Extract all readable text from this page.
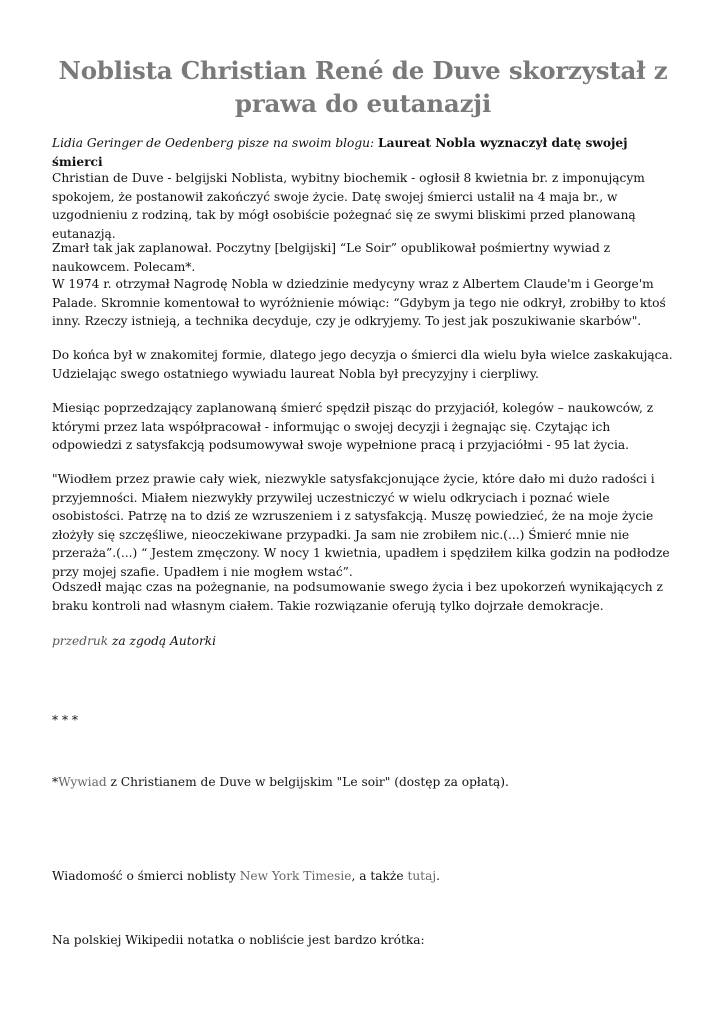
Noblista Christian René de Duve skorzystał z prawa do eutanazji

Lidia Geringer de Oedenberg pisze na swoim blogu: Laureat Nobla wyznaczył datę swojej śmierci

Christian de Duve - belgijski Noblista, wybitny biochemik - ogłosił 8 kwietnia br. z imponującym spokojem, że postanowił zakończyć swoje życie. Datę swojej śmierci ustalił na 4 maja br., w uzgodnieniu z rodziną, tak by mógł osobiście pożegnać się ze swymi bliskimi przed planowaną eutanazją.

Zmarł tak jak zaplanował. Poczytny [belgijski] “Le Soir” opublikował pośmiertny wywiad z naukowcem. Polecam*.

W 1974 r. otrzymał Nagrodę Nobla w dziedzinie medycyny wraz z Albertem Claude'm i George'm Palade. Skromnie komentował to wyróżnienie mówiąc: “Gdybym ja tego nie odkrył, zrobiłby to ktoś inny. Rzeczy istnieją, a technika decyduje, czy je odkryjemy. To jest jak poszukiwanie skarbów".

Do końca był w znakomitej formie, dlatego jego decyzja o śmierci dla wielu była wielce zaskakująca. Udzielając swego ostatniego wywiadu laureat Nobla był precyzyjny i cierpliwy.

Miesiąc poprzedzający zaplanowaną śmierć spędził pisząc do przyjaciół, kolegów – naukowców, z którymi przez lata współpracował - informując o swojej decyzji i żegnając się. Czytając ich odpowiedzi z satysfakcją podsumowywał swoje wypełnione pracą i przyjaciółmi - 95 lat życia.

"Wiodłem przez prawie cały wiek, niezwykle satysfakcjonujące życie, które dało mi dużo radości i przyjemności. Miałem niezwykły przywilej uczestniczyć w wielu odkryciach i poznać wiele osobistości. Patrzę na to dziś ze wzruszeniem i z satysfakcją. Muszę powiedzieć, że na moje życie złożyły się szczęśliwe, nieoczekiwane przypadki. Ja sam nie zrobiłem nic.(...) Śmierć mnie nie przeraża”.(...) “ Jestem zmęczony. W nocy 1 kwietnia, upadłem i spędziłem kilka godzin na podłodze przy mojej szafie. Upadłem i nie mogłem wstać”.

Odszedł mając czas na pożegnanie, na podsumowanie swego życia i bez upokorzeń wynikających z braku kontroli nad własnym ciałem. Takie rozwiązanie oferują tylko dojrzałe demokracje.

przedruk za zgodą Autorki

* * *

*Wywiad z Christianem de Duve w belgijskim "Le soir" (dostęp za opłatą).

Wiadomość o śmierci noblisty New York Timesie, a także tutaj.

Na polskiej Wikipedii notatka o nobliście jest bardzo krótka:
